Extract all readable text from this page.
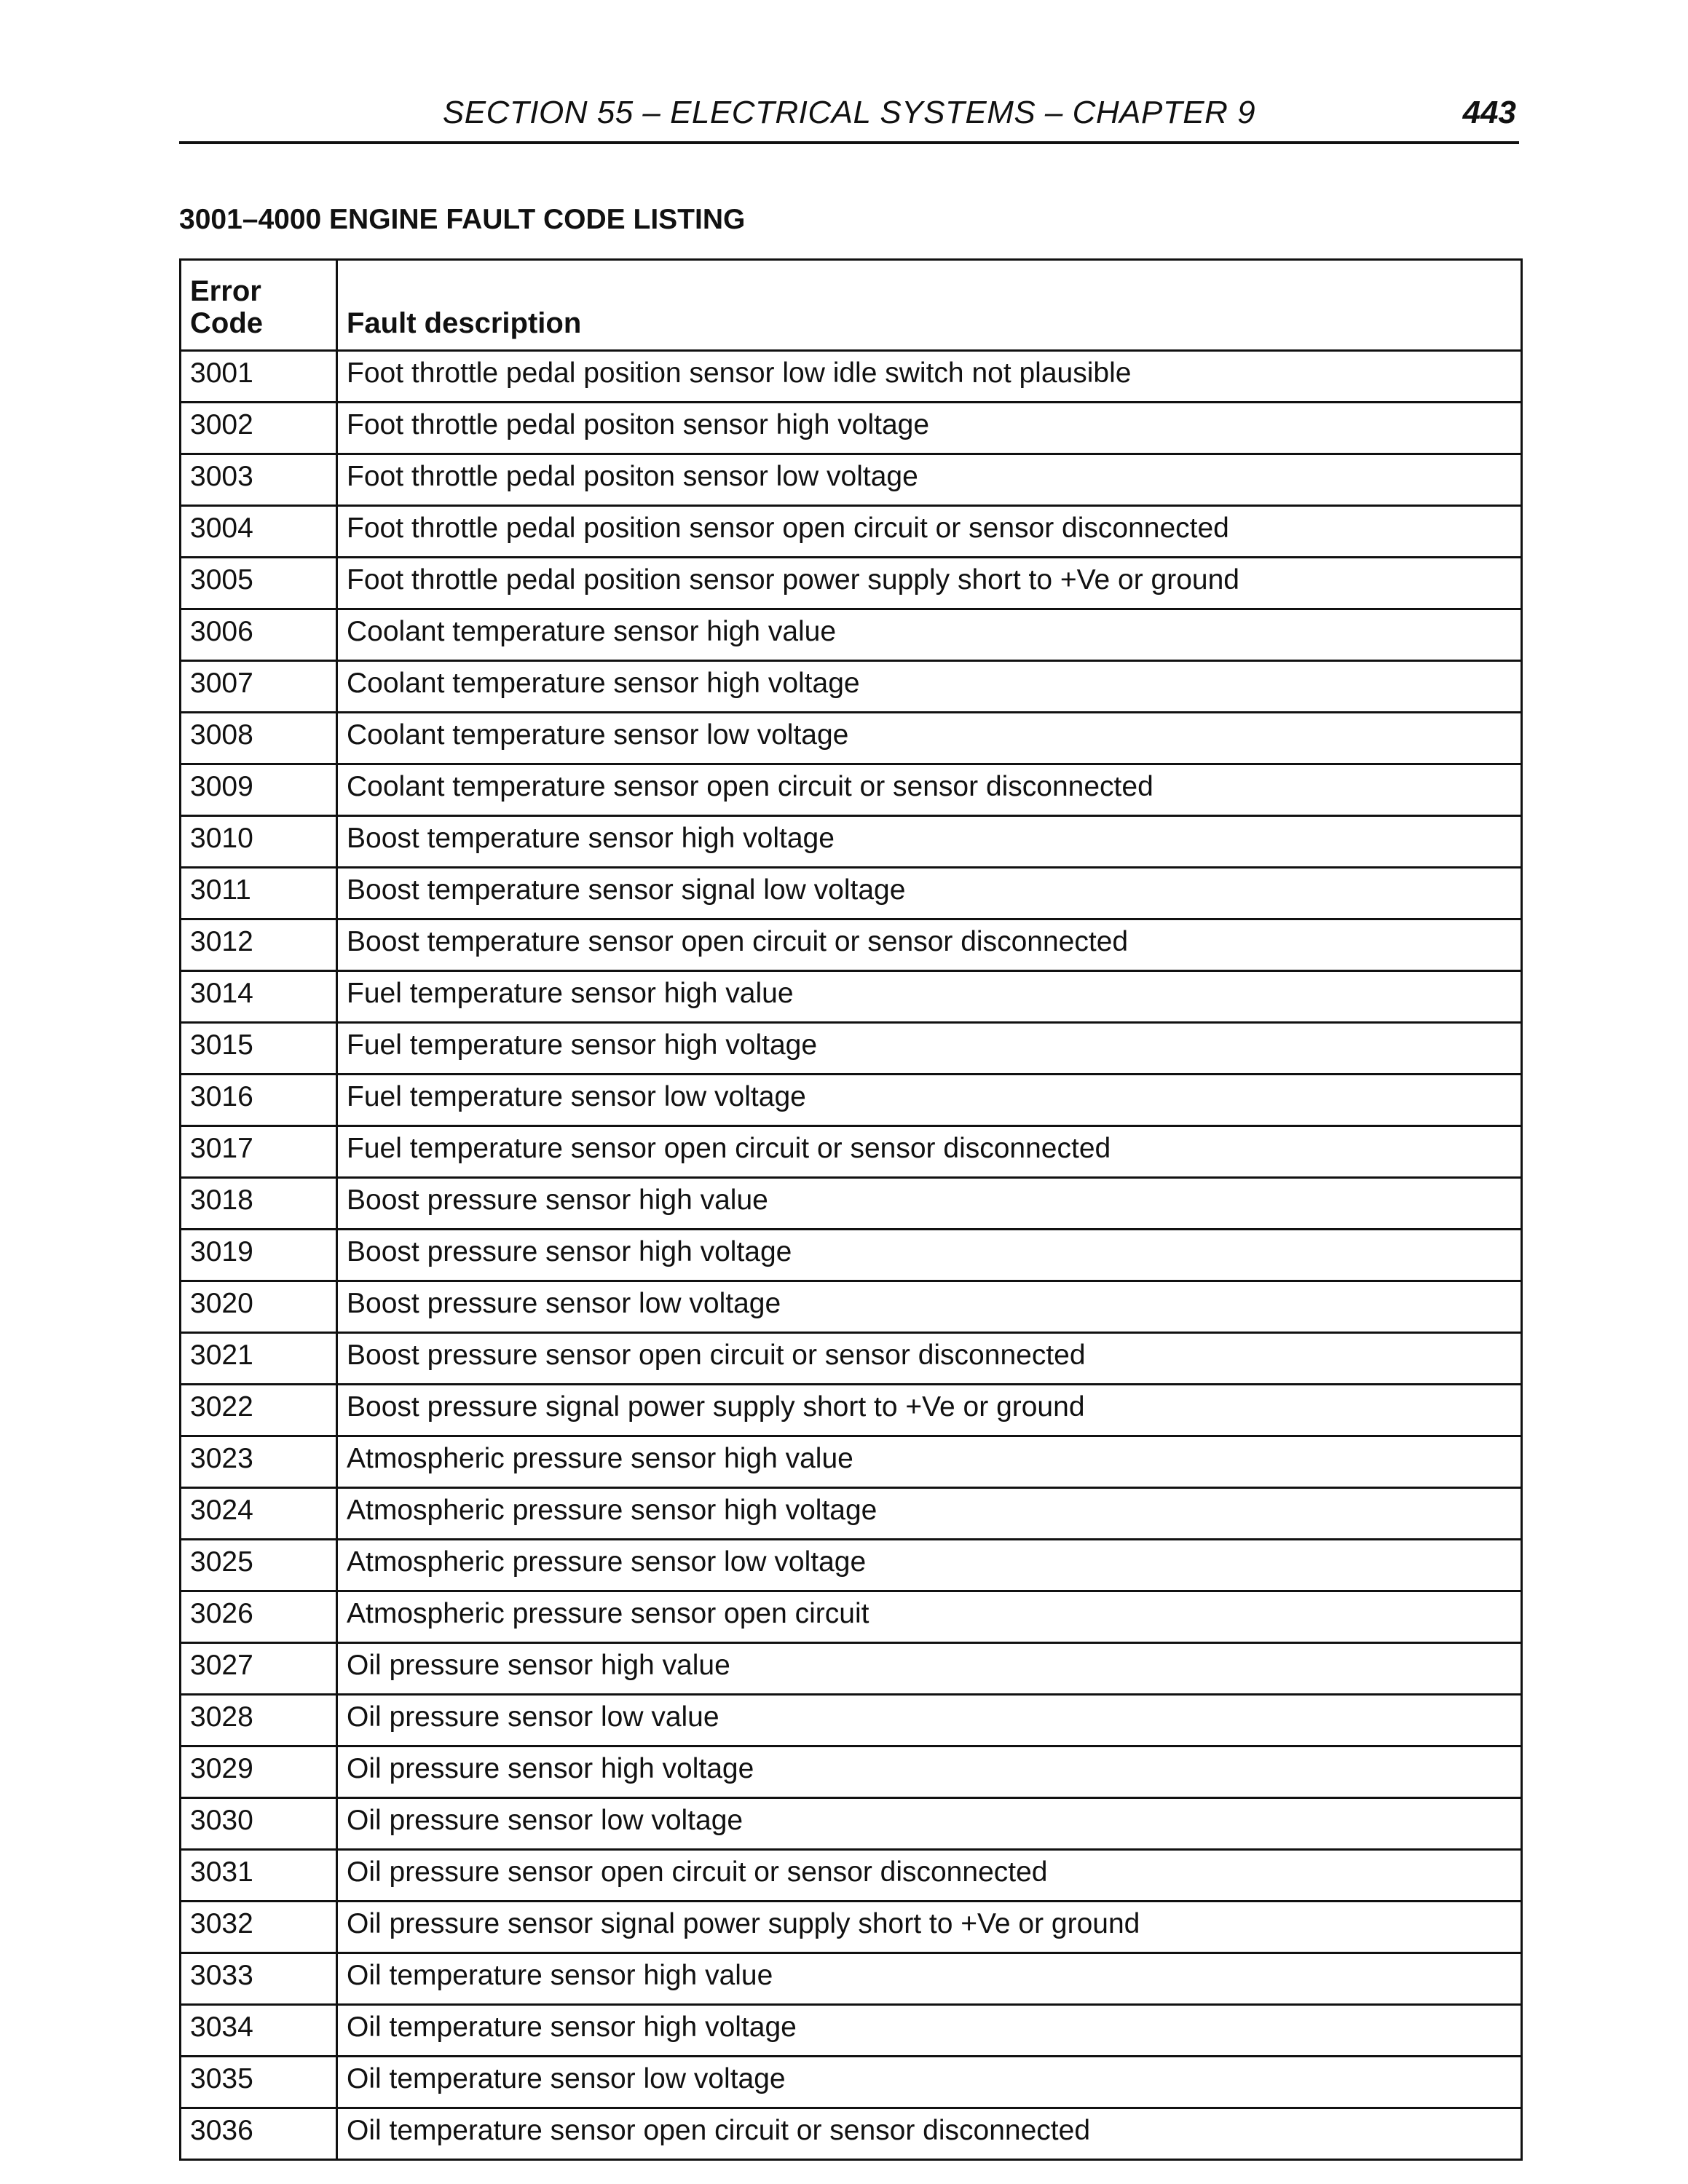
SECTION 55 – ELECTRICAL SYSTEMS – CHAPTER 9	443
3001–4000 ENGINE FAULT CODE LISTING
Error
Code	Fault description
3001	Foot throttle pedal position sensor low idle switch not plausible
3002	Foot throttle pedal positon sensor high voltage
3003	Foot throttle pedal positon sensor low voltage
3004	Foot throttle pedal position sensor open circuit or sensor disconnected
3005	Foot throttle pedal position sensor power supply short to +Ve or ground
3006	Coolant temperature sensor high value
3007	Coolant temperature sensor high voltage
3008	Coolant temperature sensor low voltage
3009	Coolant temperature sensor open circuit or sensor disconnected
3010	Boost temperature sensor high voltage
3011	Boost temperature sensor signal low voltage
3012	Boost temperature sensor open circuit or sensor disconnected
3014	Fuel temperature sensor high value
3015	Fuel temperature sensor high voltage
3016	Fuel temperature sensor low voltage
3017	Fuel temperature sensor open circuit or sensor disconnected
3018	Boost pressure sensor high value
3019	Boost pressure sensor high voltage
3020	Boost pressure sensor low voltage
3021	Boost pressure sensor open circuit or sensor disconnected
3022	Boost pressure signal power supply short to +Ve or ground
3023	Atmospheric pressure sensor high value
3024	Atmospheric pressure sensor high voltage
3025	Atmospheric pressure sensor low voltage
3026	Atmospheric pressure sensor open circuit
3027	Oil pressure sensor high value
3028	Oil pressure sensor low value
3029	Oil pressure sensor high voltage
3030	Oil pressure sensor low voltage
3031	Oil pressure sensor open circuit or sensor disconnected
3032	Oil pressure sensor signal power supply short to +Ve or ground
3033	Oil temperature sensor high value
3034	Oil temperature sensor high voltage
3035	Oil temperature sensor low voltage
3036	Oil temperature sensor open circuit or sensor disconnected
